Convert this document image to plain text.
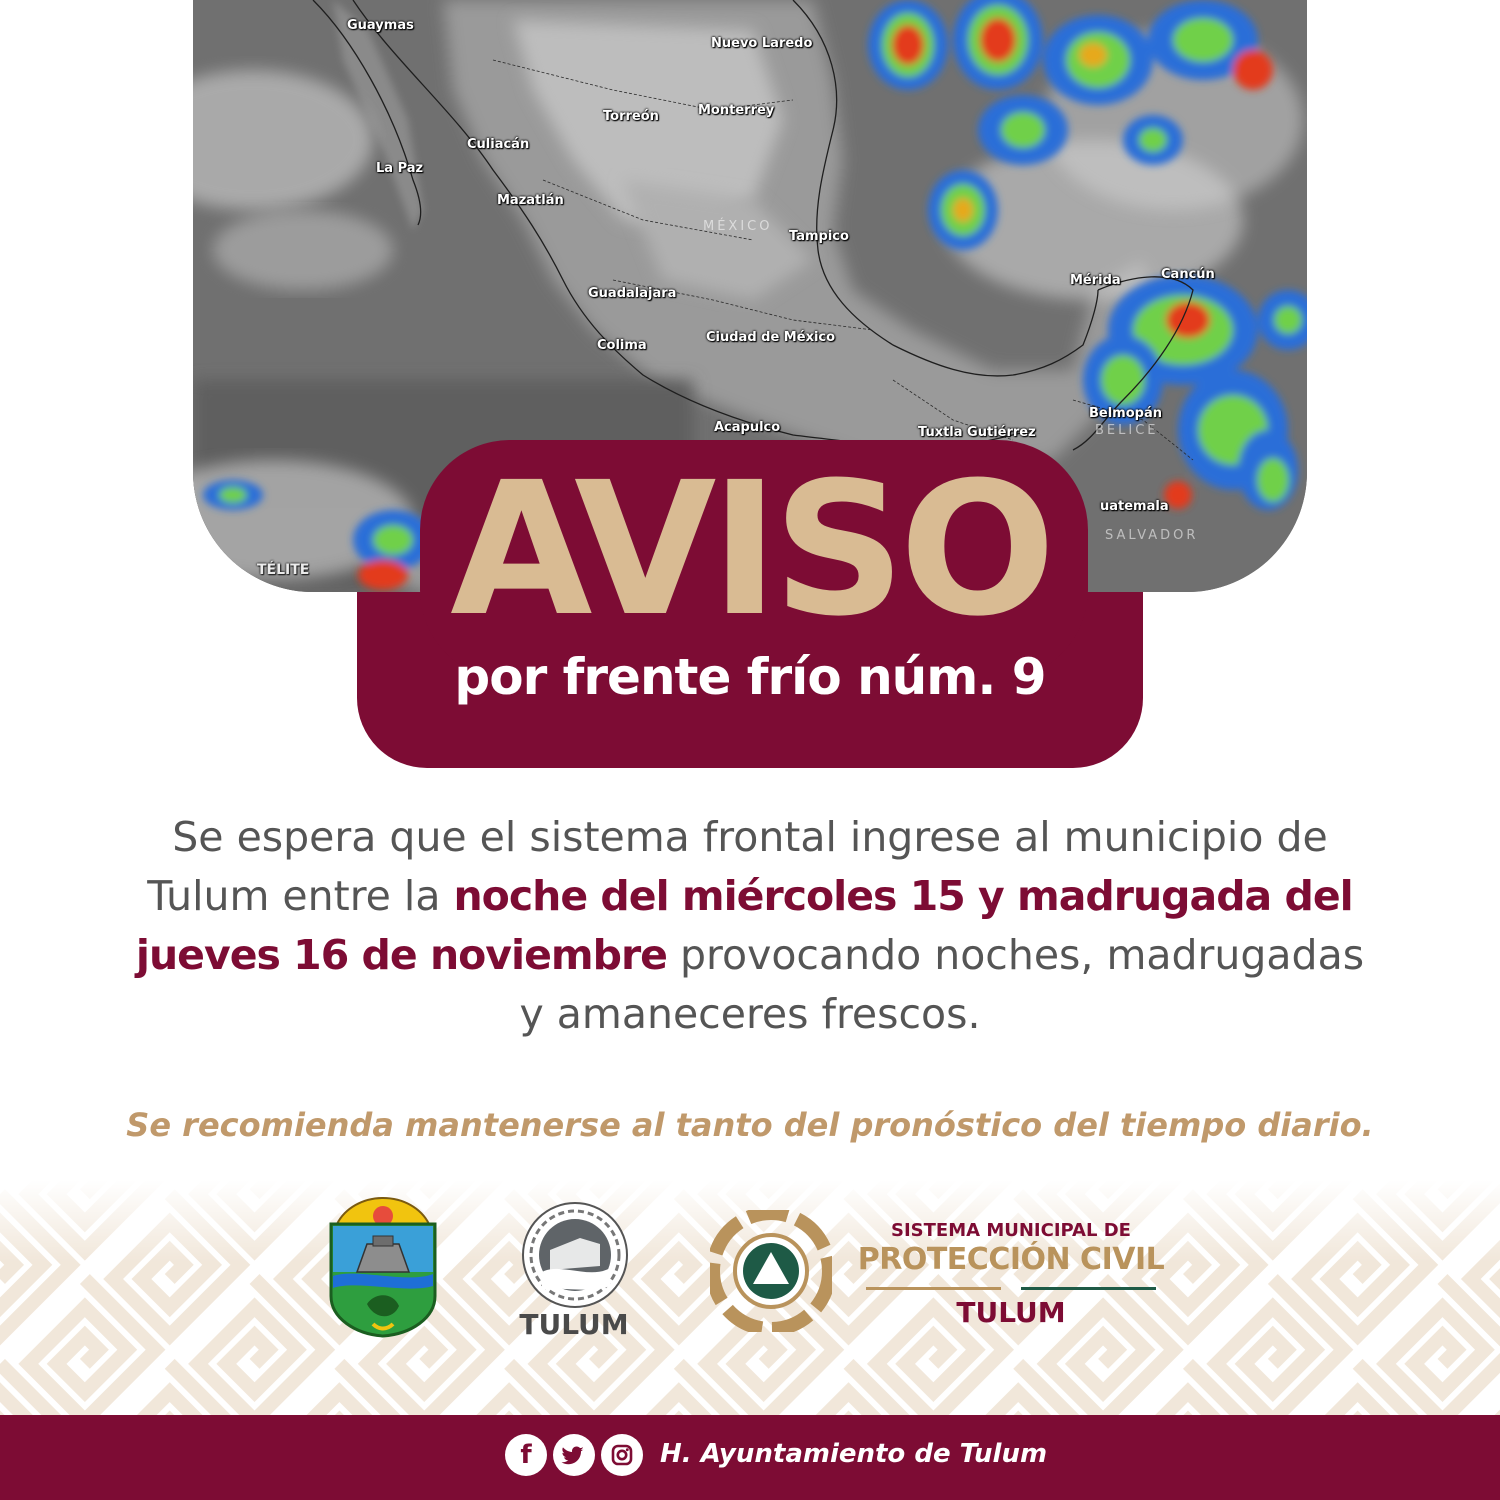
Guaymas
Nuevo Laredo
Torreón	Monterrey
Culiacán
La Paz
Mazatlán
Tampico
Mérida	Cancún
Guadalajara
Ciudad de México
Colima
Belmopán
Acapulco	Tuxtla Gutiérrez
uatemala
MÉXICO
BELICE
SALVADOR
TÉLITE AVISO
por frente frío núm. 9
Se espera que el sistema frontal ingrese al municipio de Tulum entre la noche del miércoles 15 y madrugada del jueves 16 de noviembre provocando noches, madrugadas y amaneceres frescos.
Se recomienda mantenerse al tanto del pronóstico del tiempo diario.
TULUM
SISTEMA MUNICIPAL DE
PROTECCIÓN CIVIL
TULUM
f	H. Ayuntamiento de Tulum
